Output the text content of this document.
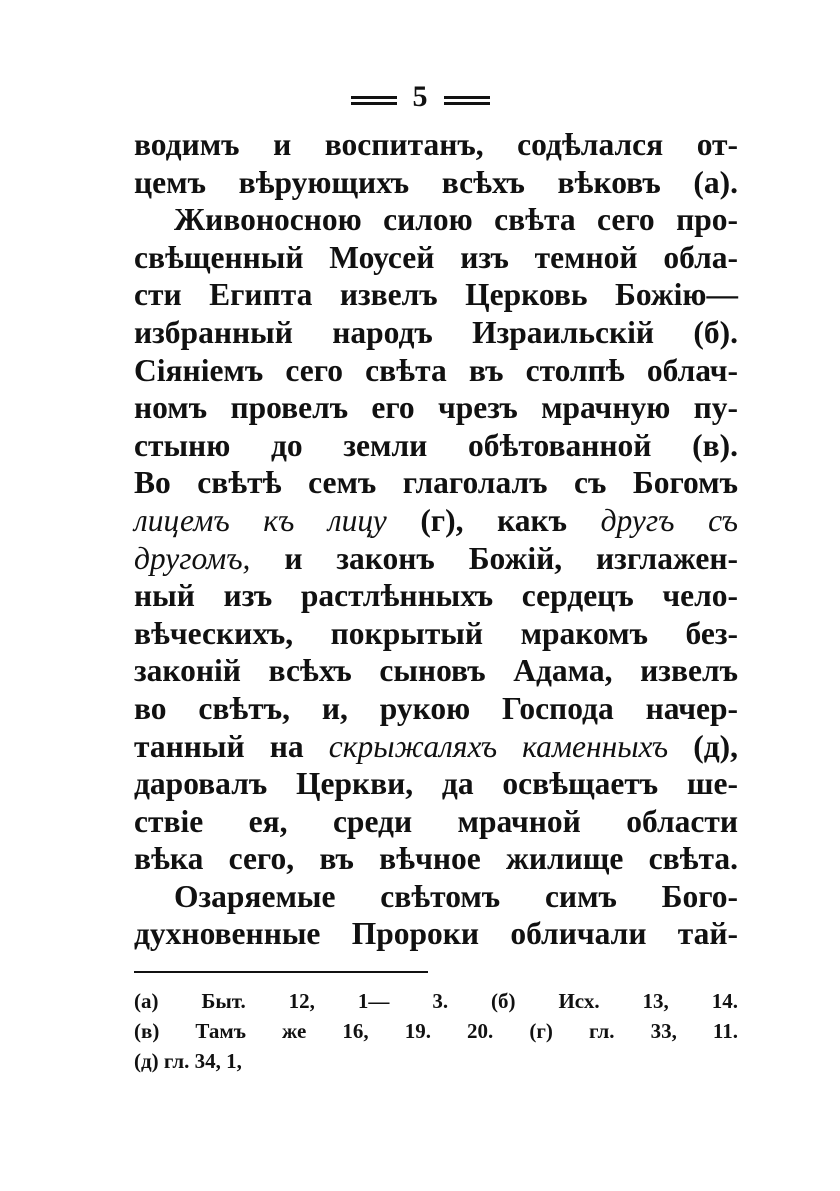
5
водимъ и воспитанъ, содѣлался от-
цемъ вѣрующихъ всѣхъ вѣковъ (а).
Живоносною силою свѣта сего про-
свѣщенный Моусей изъ темной обла-
сти Египта извелъ Церковь Божію—
избранный народъ Израильскій (б).
Сіяніемъ сего свѣта въ столпѣ облач-
номъ провелъ его чрезъ мрачную пу-
стыню до земли обѣтованной (в).
Во свѣтѣ семъ глаголалъ съ Богомъ
лицемъ къ лицу (г), какъ другъ съ
другомъ, и законъ Божій, изглажен-
ный изъ растлѣнныхъ сердецъ чело-
вѣческихъ, покрытый мракомъ без-
законій всѣхъ сыновъ Адама, извелъ
во свѣтъ, и, рукою Господа начер-
танный на скрыжаляхъ каменныхъ (д),
даровалъ Церкви, да освѣщаетъ ше-
ствіе ея, среди мрачной области
вѣка сего, въ вѣчное жилище свѣта.
Озаряемые свѣтомъ симъ Бого-
духновенные Пророки обличали тай-
(а) Быт. 12, 1— 3. (б) Исх. 13, 14.
(в) Тамъ же 16, 19. 20. (г) гл. 33, 11.
(д) гл. 34, 1,
